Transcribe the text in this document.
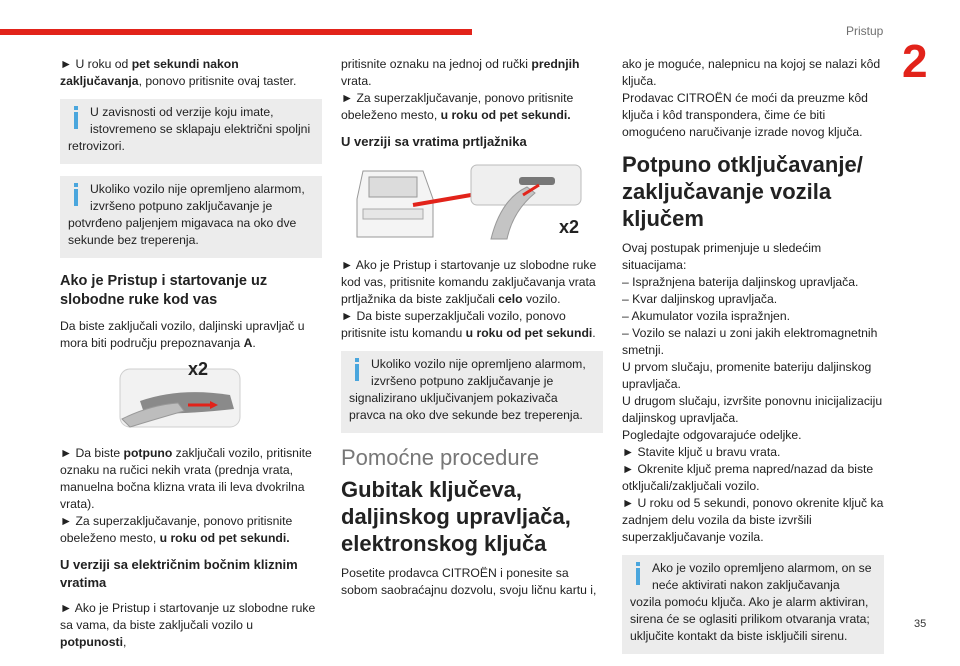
Pristup
2

► U roku od pet sekundi nakon zaključavanja, ponovo pritisnite ovaj taster.

U zavisnosti od verzije koju imate, istovremeno se sklapaju električni spoljni retrovizori.
Ukoliko vozilo nije opremljeno alarmom, izvršeno potpuno zaključavanje je potvrđeno paljenjem migavaca na oko dve sekunde bez treperenja.
Ako je Pristup i startovanje uz slobodne ruke kod vas

Da biste zaključali vozilo, daljinski upravljač u mora biti području prepoznavanja A.

x2

► Da biste potpuno zaključali vozilo, pritisnite oznaku na ručici nekih vrata (prednja vrata, manuelna bočna klizna vrata ili leva dvokrilna vrata).
► Za superzaključavanje, ponovo pritisnite obeleženo mesto, u roku od pet sekundi.

U verziji sa električnim bočnim kliznim vratima

► Ako je Pristup i startovanje uz slobodne ruke sa vama, da biste zaključali vozilo u potpunosti,

pritisnite oznaku na jednoj od ručki prednjih vrata.
► Za superzaključavanje, ponovo pritisnite obeleženo mesto, u roku od pet sekundi.

U verziji sa vratima prtljažnika
x2

► Ako je Pristup i startovanje uz slobodne ruke kod vas, pritisnite komandu zaključavanja vrata prtljažnika da biste zaključali celo vozilo.
► Da biste superzaključali vozilo, ponovo pritisnite istu komandu u roku od pet sekundi.

Ukoliko vozilo nije opremljeno alarmom, izvršeno potpuno zaključavanje je signalizirano uključivanjem pokazivača pravca na oko dve sekunde bez treperenja.
Pomoćne procedure
Gubitak ključeva, daljinskog upravljača, elektronskog ključa

Posetite prodavca CITROËN i ponesite sa sobom saobraćajnu dozvolu, svoju ličnu kartu i,

ako je moguće, nalepnicu na kojoj se nalazi kôd ključa.

Prodavac CITROËN će moći da preuzme kôd ključa i kôd transpondera, čime će biti omogućeno naručivanje izrade novog ključa.

Potpuno otključavanje/ zaključavanje vozila ključem

Ovaj postupak primenjuje u sledećim situacijama:

– Ispražnjena baterija daljinskog upravljača.
– Kvar daljinskog upravljača.
– Akumulator vozila ispražnjen.
– Vozilo se nalazi u zoni jakih elektromagnetnih smetnji.
U prvom slučaju, promenite bateriju daljinskog upravljača.
U drugom slučaju, izvršite ponovnu inicijalizaciju daljinskog upravljača.
Pogledajte odgovarajuće odeljke.
► Stavite ključ u bravu vrata.
► Okrenite ključ prema napred/nazad da biste otključali/zaključali vozilo.
► U roku od 5 sekundi, ponovo okrenite ključ ka zadnjem delu vozila da biste izvršili superzaključavanje vozila.
Ako je vozilo opremljeno alarmom, on se neće aktivirati nakon zaključavanja vozila pomoću ključa. Ako je alarm aktiviran, sirena će se oglasiti prilikom otvaranja vrata; uključite kontakt da biste isključili sirenu.
35
